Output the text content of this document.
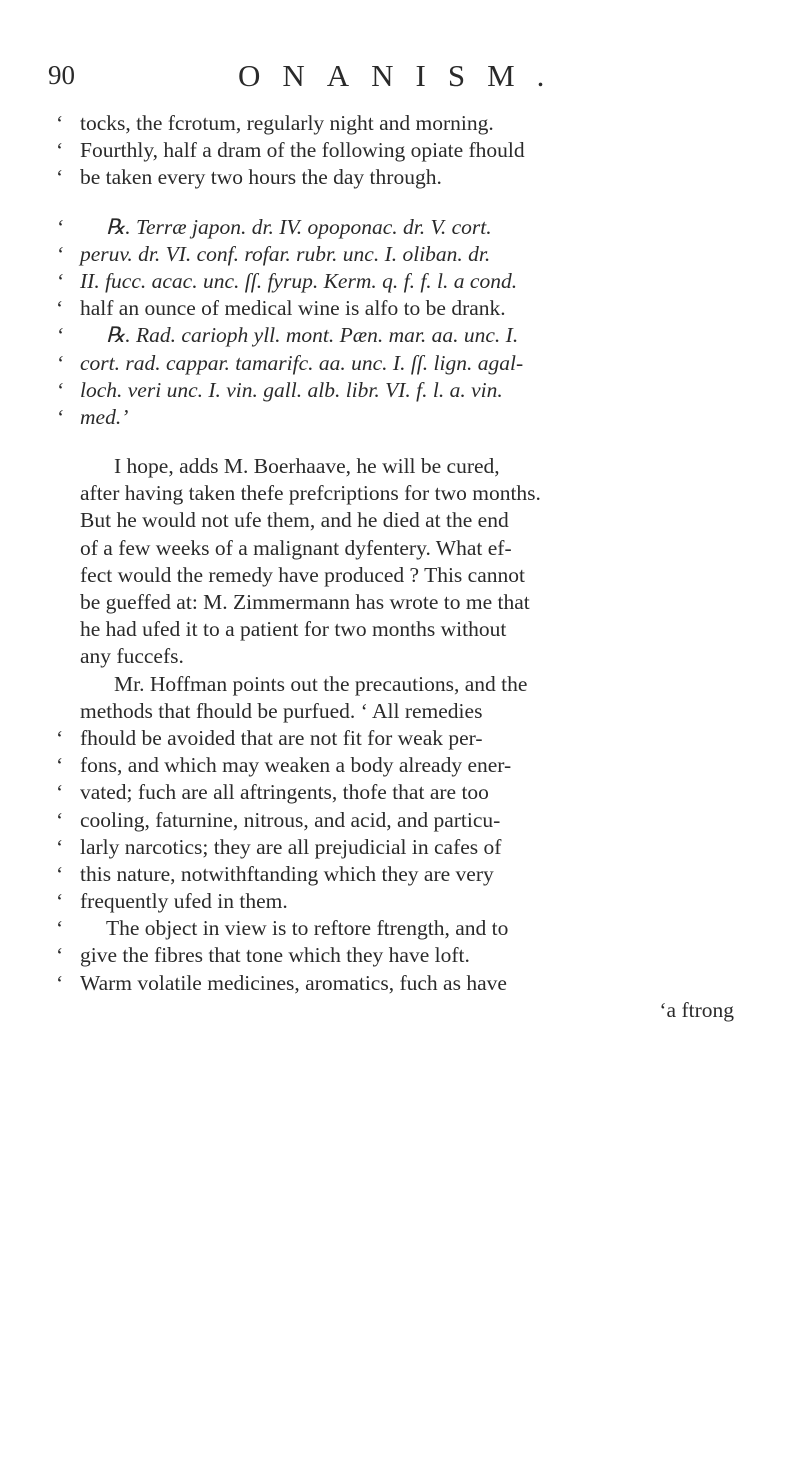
90	ONANISM.
‘ tocks, the fcrotum, regularly night and morning.
‘ Fourthly, half a dram of the following opiate fhould
‘ be taken every two hours the day through.
‘ ℞. Terræ japon. dr. IV. opoponac. dr. V. cort.
‘ peruv. dr. VI. conf. rofar. rubr. unc. I. oliban. dr.
‘ II. fucc. acac. unc. ſſ. fyrup. Kerm. q. f. f. l. a cond.
‘ half an ounce of medical wine is alfo to be drank.
‘ ℞. Rad. carioph yll. mont. Pæn. mar. aa. unc. I.
‘ cort. rad. cappar. tamarifc. aa. unc. I. ſſ. lign. agal-
‘ loch. veri unc. I. vin. gall. alb. libr. VI. f. l. a. vin.
‘ med.’
I hope, adds M. Boerhaave, he will be cured,
after having taken thefe prefcriptions for two months.
But he would not ufe them, and he died at the end
of a few weeks of a malignant dyfentery. What ef-
fect would the remedy have produced ? This cannot
be gueffed at: M. Zimmermann has wrote to me that
he had ufed it to a patient for two months without
any fuccefs.
Mr. Hoffman points out the precautions, and the
methods that fhould be purfued. ‘ All remedies
‘ fhould be avoided that are not fit for weak per-
‘ fons, and which may weaken a body already ener-
‘ vated; fuch are all aftringents, thofe that are too
‘ cooling, faturnine, nitrous, and acid, and particu-
‘ larly narcotics; they are all prejudicial in cafes of
‘ this nature, notwithftanding which they are very
‘ frequently ufed in them.
‘ The object in view is to reftore ftrength, and to
‘ give the fibres that tone which they have loft.
‘ Warm volatile medicines, aromatics, fuch as have
‘a ftrong
